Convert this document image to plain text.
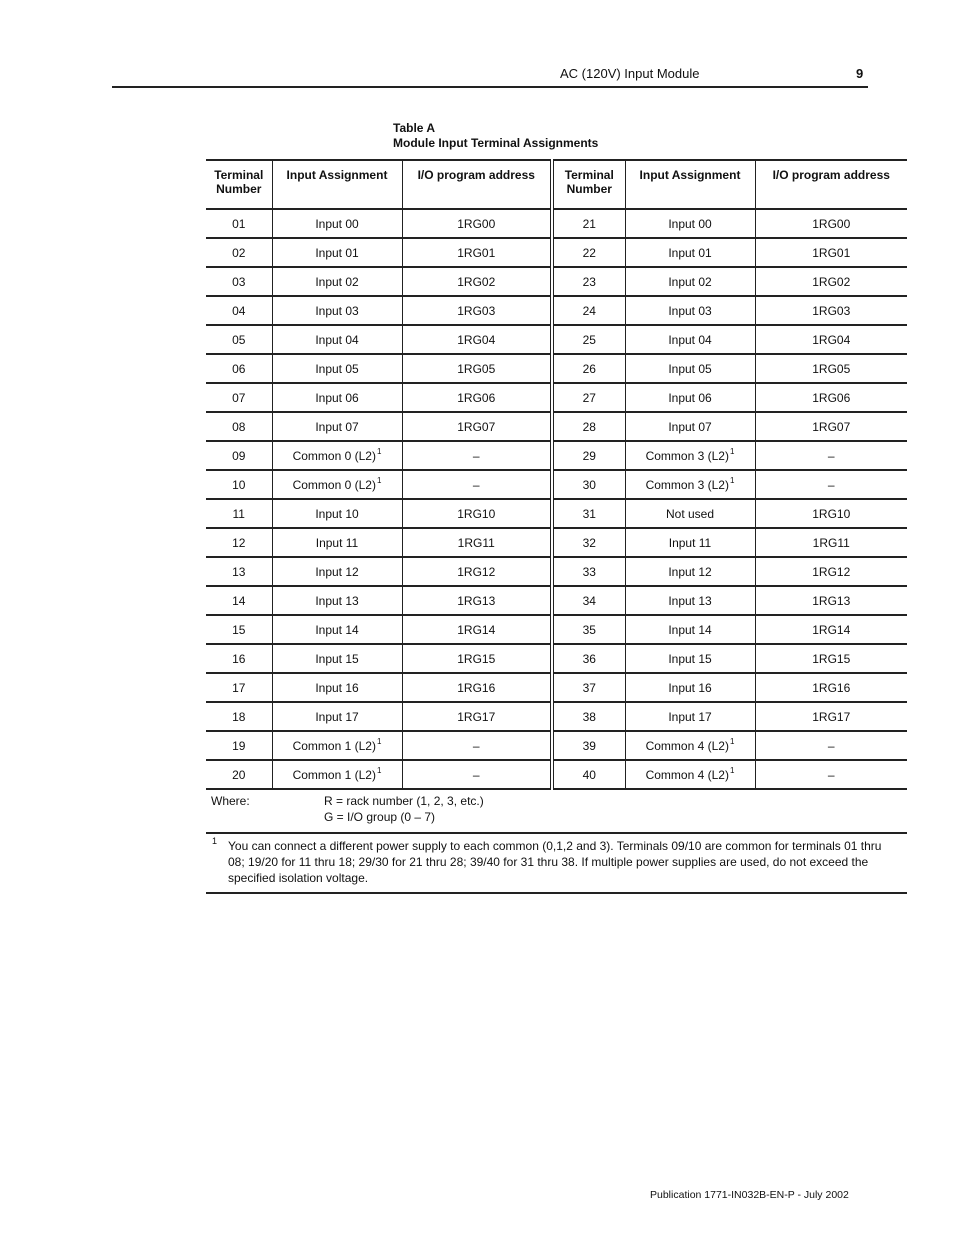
AC (120V) Input Module	9
Table A
Module Input Terminal Assignments
Terminal Number	Input Assignment	I/O program address	Terminal Number	Input Assignment	I/O program address
01	Input 00	1RG00	21	Input 00	1RG00
02	Input 01	1RG01	22	Input 01	1RG01
03	Input 02	1RG02	23	Input 02	1RG02
04	Input 03	1RG03	24	Input 03	1RG03
05	Input 04	1RG04	25	Input 04	1RG04
06	Input 05	1RG05	26	Input 05	1RG05
07	Input 06	1RG06	27	Input 06	1RG06
08	Input 07	1RG07	28	Input 07	1RG07
09	Common 0 $(L2)^1$	–	29	Common 3 $(L2)^1$	–
10	Common 0 $(L2)^1$	–	30	Common 3 $(L2)^1$	–
11	Input 10	1RG10	31	Not used	1RG10
12	Input 11	1RG11	32	Input 11	1RG11
13	Input 12	1RG12	33	Input 12	1RG12
14	Input 13	1RG13	34	Input 13	1RG13
15	Input 14	1RG14	35	Input 14	1RG14
16	Input 15	1RG15	36	Input 15	1RG15
17	Input 16	1RG16	37	Input 16	1RG16
18	Input 17	1RG17	38	Input 17	1RG17
19	Common 1 $(L2)^1$	–	39	Common 4 $(L2)^1$	–
20	Common 1 $(L2)^1$	–	40	Common 4 $(L2)^1$	–
Where:	R = rack number (1, 2, 3, etc.)
G = I/O group (0 – 7)
1 You can connect a different power supply to each common (0,1,2 and 3). Terminals 09/10 are common for terminals 01 thru 08; 19/20 for 11 thru 18; 29/30 for 21 thru 28; 39/40 for 31 thru 38. If multiple power supplies are used, do not exceed the specified isolation voltage.
Publication 1771-IN032B-EN-P - July 2002
